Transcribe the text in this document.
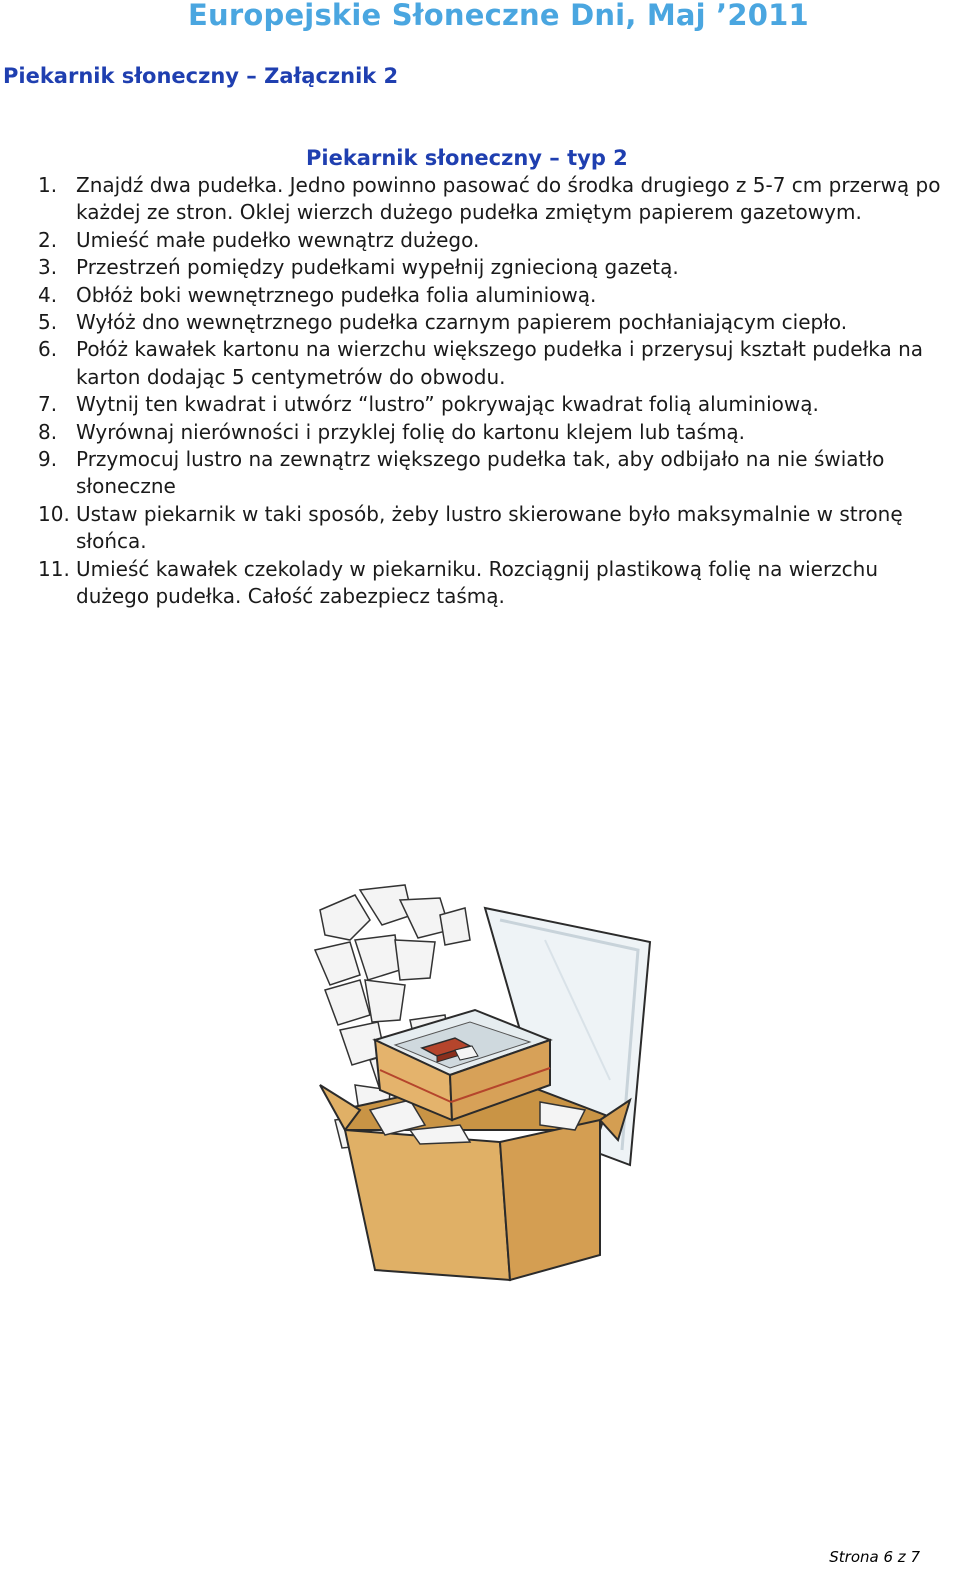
Europejskie Słoneczne Dni, Maj ’2011
Piekarnik słoneczny – Załącznik 2
Piekarnik słoneczny – typ 2
1. Znajdź dwa pudełka. Jedno powinno pasować do środka drugiego z 5-7 cm przerwą po każdej ze stron. Oklej wierzch dużego pudełka zmiętym papierem gazetowym.
2. Umieść małe pudełko wewnątrz dużego.
3. Przestrzeń pomiędzy pudełkami wypełnij zgniecioną gazetą.
4. Obłóż boki wewnętrznego pudełka folia aluminiową.
5. Wyłóż dno wewnętrznego pudełka czarnym papierem pochłaniającym ciepło.
6. Połóż kawałek kartonu na wierzchu większego pudełka i przerysuj kształt pudełka na karton dodając 5 centymetrów do obwodu.
7. Wytnij ten kwadrat i utwórz “lustro” pokrywając kwadrat folią aluminiową.
8. Wyrównaj nierówności i przyklej folię do kartonu klejem lub taśmą.
9. Przymocuj lustro na zewnątrz większego pudełka tak, aby odbijało na nie światło słoneczne
10. Ustaw piekarnik w taki sposób, żeby lustro skierowane było maksymalnie w stronę słońca.
11. Umieść kawałek czekolady w piekarniku. Rozciągnij plastikową folię na wierzchu dużego pudełka. Całość zabezpiecz taśmą.
Strona 6 z 7
